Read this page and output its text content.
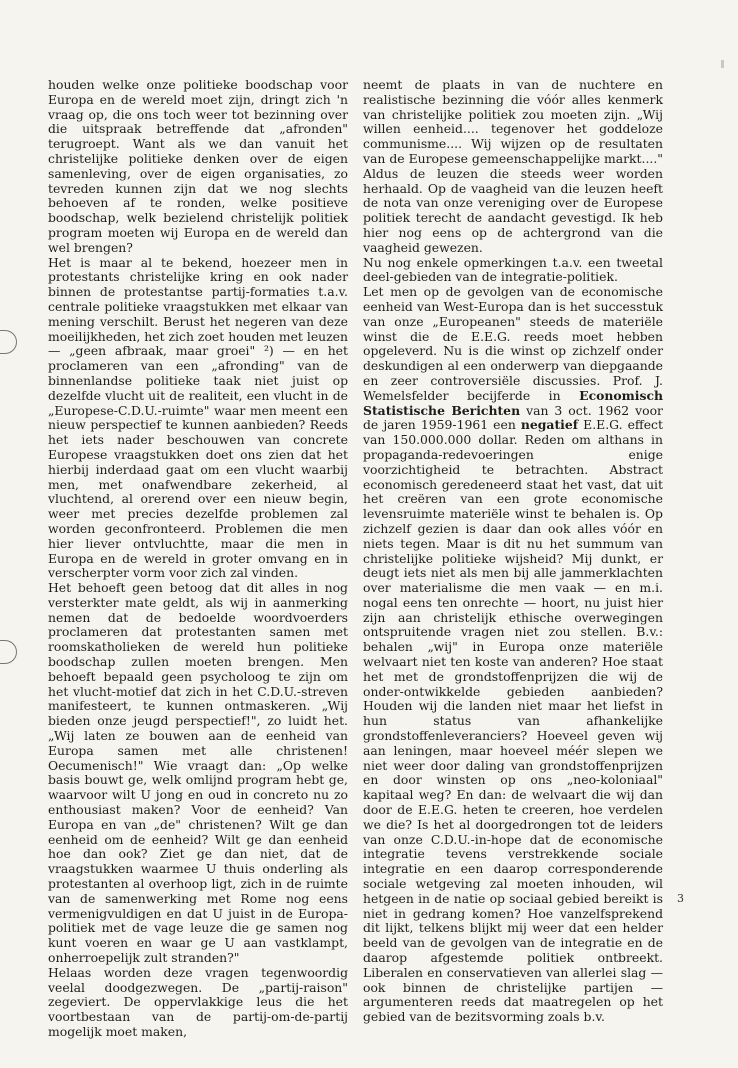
houden welke onze politieke boodschap voor Europa en de wereld moet zijn, dringt zich 'n vraag op, die ons toch weer tot bezinning over die uitspraak betreffende dat „afronden" terugroept. Want als we dan vanuit het christelijke politieke denken over de eigen samenleving, over de eigen organisaties, zo tevreden kunnen zijn dat we nog slechts behoeven af te ronden, welke positieve boodschap, welk bezielend christelijk politiek program moeten wij Europa en de wereld dan wel brengen?

Het is maar al te bekend, hoezeer men in protestants christelijke kring en ook nader binnen de protestantse partij-formaties t.a.v. centrale politieke vraagstukken met elkaar van mening verschilt. Berust het negeren van deze moeilijkheden, het zich zoet houden met leuzen — „geen afbraak, maar groei" ²) — en het proclameren van een „afronding" van de binnenlandse politieke taak niet juist op dezelfde vlucht uit de realiteit, een vlucht in de „Europese-C.D.U.-ruimte" waar men meent een nieuw perspectief te kunnen aanbieden? Reeds het iets nader beschouwen van concrete Europese vraagstukken doet ons zien dat het hierbij inderdaad gaat om een vlucht waarbij men, met onafwendbare zekerheid, al vluchtend, al orerend over een nieuw begin, weer met precies dezelfde problemen zal worden geconfronteerd. Problemen die men hier liever ontvluchtte, maar die men in Europa en de wereld in groter omvang en in verscherpter vorm voor zich zal vinden.

Het behoeft geen betoog dat dit alles in nog versterkter mate geldt, als wij in aanmerking nemen dat de bedoelde woordvoerders proclameren dat protestanten samen met roomskatholieken de wereld hun politieke boodschap zullen moeten brengen. Men behoeft bepaald geen psycholoog te zijn om het vlucht-motief dat zich in het C.D.U.-streven manifesteert, te kunnen ontmaskeren. „Wij bieden onze jeugd perspectief!", zo luidt het. „Wij laten ze bouwen aan de eenheid van Europa samen met alle christenen! Oecumenisch!" Wie vraagt dan: „Op welke basis bouwt ge, welk omlijnd program hebt ge, waarvoor wilt U jong en oud in concreto nu zo enthousiast maken? Voor de eenheid? Van Europa en van „de" christenen? Wilt ge dan eenheid om de eenheid? Wilt ge dan eenheid hoe dan ook? Ziet ge dan niet, dat de vraagstukken waarmee U thuis onderling als protestanten al overhoop ligt, zich in de ruimte van de samenwerking met Rome nog eens vermenigvuldigen en dat U juist in de Europa-politiek met de vage leuze die ge samen nog kunt voeren en waar ge U aan vastklampt, onherroepelijk zult stranden?"

Helaas worden deze vragen tegenwoordig veelal doodgezwegen. De „partij-raison" zegeviert. De oppervlakkige leus die het voortbestaan van de partij-om-de-partij mogelijk moet maken,

neemt de plaats in van de nuchtere en realistische bezinning die vóór alles kenmerk van christelijke politiek zou moeten zijn. „Wij willen eenheid.... tegenover het goddeloze communisme.... Wij wijzen op de resultaten van de Europese gemeenschappelijke markt...." Aldus de leuzen die steeds weer worden herhaald. Op de vaagheid van die leuzen heeft de nota van onze vereniging over de Europese politiek terecht de aandacht gevestigd. Ik heb hier nog eens op de achtergrond van die vaagheid gewezen.

Nu nog enkele opmerkingen t.a.v. een tweetal deel-gebieden van de integratie-politiek.

Let men op de gevolgen van de economische eenheid van West-Europa dan is het successtuk van onze „Europeanen" steeds de materiële winst die de E.E.G. reeds moet hebben opgeleverd. Nu is die winst op zichzelf onder deskundigen al een onderwerp van diepgaande en zeer controversiële discussies. Prof. J. Wemelsfelder becijferde in Economisch Statistische Berichten van 3 oct. 1962 voor de jaren 1959-1961 een negatief E.E.G. effect van 150.000.000 dollar. Reden om althans in propaganda-redevoeringen enige voorzichtigheid te betrachten. Abstract economisch geredeneerd staat het vast, dat uit het creëren van een grote economische levensruimte materiële winst te behalen is. Op zichzelf gezien is daar dan ook alles vóór en niets tegen. Maar is dit nu het summum van christelijke politieke wijsheid? Mij dunkt, er deugt iets niet als men bij alle jammerklachten over materialisme die men vaak — en m.i. nogal eens ten onrechte — hoort, nu juist hier zijn aan christelijk ethische overwegingen ontspruitende vragen niet zou stellen. B.v.: behalen „wij" in Europa onze materiële welvaart niet ten koste van anderen? Hoe staat het met de grondstoffenprijzen die wij de onder-ontwikkelde gebieden aanbieden? Houden wij die landen niet maar het liefst in hun status van afhankelijke grondstoffenleveranciers? Hoeveel geven wij aan leningen, maar hoeveel méér slepen we niet weer door daling van grondstoffenprijzen en door winsten op ons „neo-koloniaal" kapitaal weg? En dan: de welvaart die wij dan door de E.E.G. heten te creeren, hoe verdelen we die? Is het al doorgedrongen tot de leiders van onze C.D.U.-in-hope dat de economische integratie tevens verstrekkende sociale integratie en een daarop corresponderende sociale wetgeving zal moeten inhouden, wil hetgeen in de natie op sociaal gebied bereikt is niet in gedrang komen? Hoe vanzelfsprekend dit lijkt, telkens blijkt mij weer dat een helder beeld van de gevolgen van de integratie en de daarop afgestemde politiek ontbreekt. Liberalen en conservatieven van allerlei slag — ook binnen de christelijke partijen — argumenteren reeds dat maatregelen op het gebied van de bezitsvorming zoals b.v.

3
